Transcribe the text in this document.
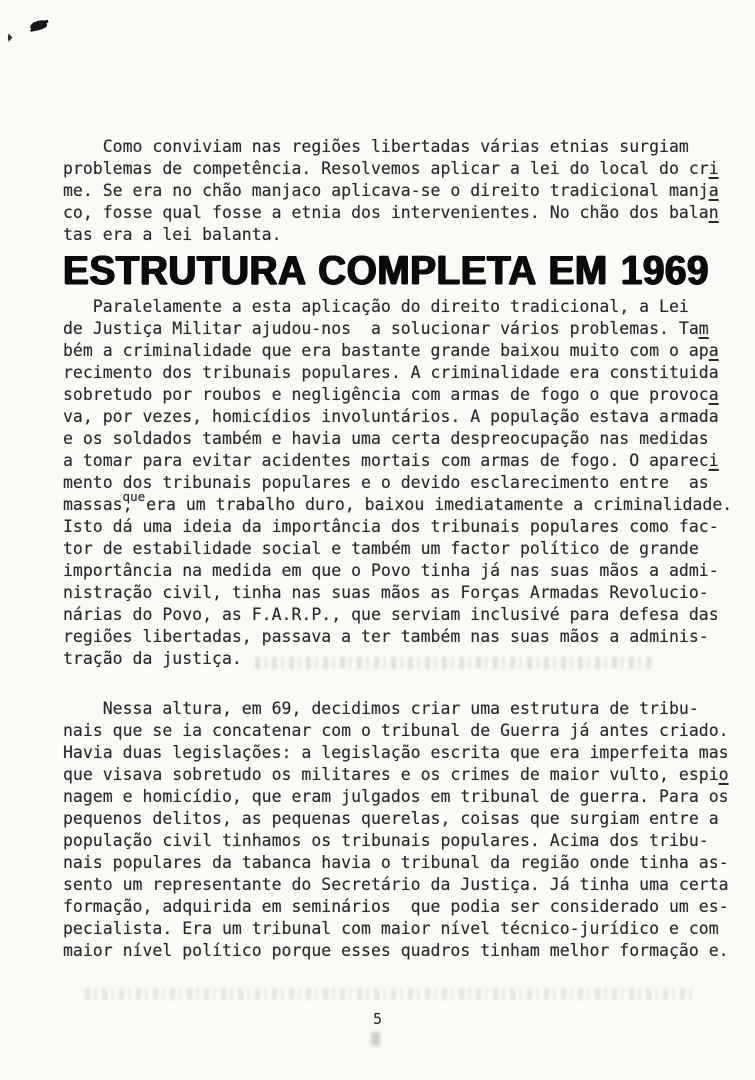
Como conviviam nas regiões libertadas várias etnias surgiam
problemas de competência. Resolvemos aplicar a lei do local do cri
me. Se era no chão manjaco aplicava-se o direito tradicional manja
co, fosse qual fosse a etnia dos intervenientes. No chão dos balan
tas era a lei balanta.
ESTRUTURA COMPLETA EM 1969
Paralelamente a esta aplicação do direito tradicional, a Lei
de Justiça Militar ajudou-nos  a solucionar vários problemas. Tam
bém a criminalidade que era bastante grande baixou muito com o apa
recimento dos tribunais populares. A criminalidade era constituida
sobretudo por roubos e negligência com armas de fogo o que provoca
va, por vezes, homicídios involuntários. A população estava armada
e os soldados também e havia uma certa despreocupação nas medidas
a tomar para evitar acidentes mortais com armas de fogo. O apareci
mento dos tribunais populares e o devido esclarecimento entre  as
massas,queera um trabalho duro, baixou imediatamente a criminalidade.
Isto dá uma ideia da importância dos tribunais populares como fac-
tor de estabilidade social e também um factor político de grande
importância na medida em que o Povo tinha já nas suas mãos a admi-
nistração civil, tinha nas suas mãos as Forças Armadas Revolucio-
nárias do Povo, as F.A.R.P., que serviam inclusivé para defesa das
regiões libertadas, passava a ter também nas suas mãos a adminis-
tração da justiça.
Nessa altura, em 69, decidimos criar uma estrutura de tribu-
nais que se ia concatenar com o tribunal de Guerra já antes criado.
Havia duas legislações: a legislação escrita que era imperfeita mas
que visava sobretudo os militares e os crimes de maior vulto, espio
nagem e homicídio, que eram julgados em tribunal de guerra. Para os
pequenos delitos, as pequenas querelas, coisas que surgiam entre a
população civil tinhamos os tribunais populares. Acima dos tribu-
nais populares da tabanca havia o tribunal da região onde tinha as-
sento um representante do Secretário da Justiça. Já tinha uma certa
formação, adquirida em seminários  que podia ser considerado um es-
pecialista. Era um tribunal com maior nível técnico-jurídico e com
maior nível político porque esses quadros tinham melhor formação e.
5
